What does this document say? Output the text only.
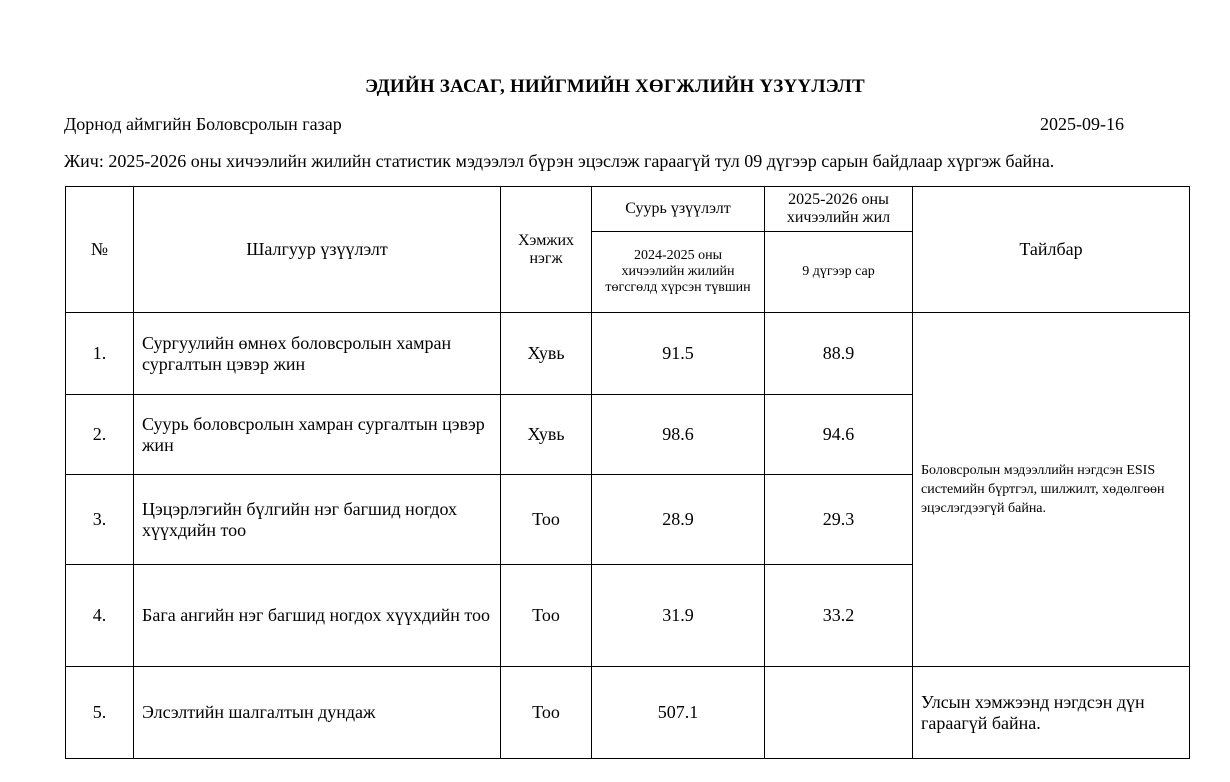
ЭДИЙН ЗАСАГ, НИЙГМИЙН ХӨГЖЛИЙН ҮЗҮҮЛЭЛТ
Дорнод аймгийн Боловсролын газар	2025-09-16
Жич: 2025-2026 оны хичээлийн жилийн статистик мэдээлэл бүрэн эцэслэж гараагүй тул 09 дүгээр сарын байдлаар хүргэж байна.
№	Шалгуур үзүүлэлт	Хэмжих нэгж	Суурь үзүүлэлт	2025-2026 оны хичээлийн жил	Тайлбар
			2024-2025 оны хичээлийн жилийн төгсгөлд хүрсэн түвшин	9 дүгээр сар	
1.	Сургуулийн өмнөх боловсролын хамран сургалтын цэвэр жин	Хувь	91.5	88.9	Боловсролын мэдээллийн нэгдсэн ESIS системийн бүртгэл, шилжилт, хөдөлгөөн эцэслэгдээгүй байна.
2.	Суурь боловсролын хамран сургалтын цэвэр жин	Хувь	98.6	94.6	
3.	Цэцэрлэгийн бүлгийн нэг багшид ногдох хүүхдийн тоо	Тоо	28.9	29.3	
4.	Бага ангийн нэг багшид ногдох хүүхдийн тоо	Тоо	31.9	33.2	
5.	Элсэлтийн шалгалтын дундаж	Тоо	507.1		Улсын хэмжээнд нэгдсэн дүн гараагүй байна.
